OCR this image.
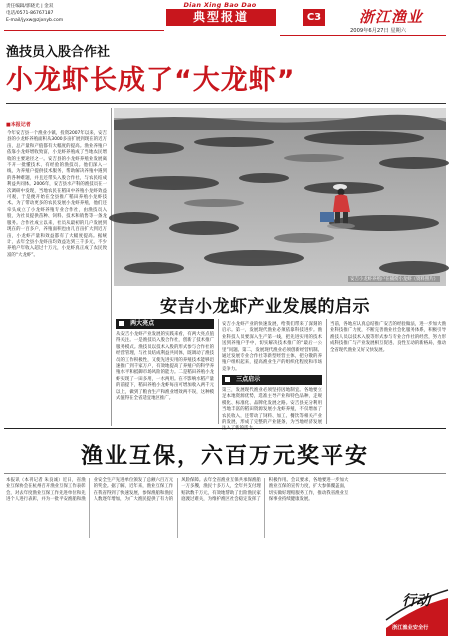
责任编辑/郭晓光 | 金双
电话/0571-86767187
E-mail/jyxw@zjxnyb.com
Dian Xing Bao Dao
典型报道	C3	浙江渔业
2009年6月27日 星期六
渔技员入股合作社
小龙虾长成了“大龙虾”
■本报记者
今年安吉县一个渔业小镇，投资2007年以来，安吉县的小龙虾养殖面积从3000多亩扩展到现在的近万亩，总产量和产值都有大幅度的提高。渔业养殖户依靠小龙虾增收致富，小龙虾养殖成了当地农民增收的主要途径之一。安吉县的小龙虾养殖业发展离不开一批懂技术、有经验的渔技员。他们深入一线，为养殖户提供技术服务，帮助解决养殖中遇到的各种难题，并且还带头入股合作社，与农民结成利益共同体。2006年，安吉县水产科的渔技员在一次调研中发现，当地农民在稻田中养殖小龙虾效益可观，于是便开始在全县推广稻田养殖小龙虾技术。为了带动更多的农民发展小龙虾养殖，他们还牵头成立了小龙虾养殖专业合作社，由渔技员入股，为社员提供苗种、饲料、技术和销售等一条龙服务。合作社成立以来，社员从最初的几户发展到现在的一百多户，养殖面积也由几百亩扩大到近万亩，小龙虾产量和效益都有了大幅度提高。据统计，去年全县小龙虾亩均效益达到三千多元，不少养殖户年收入超过十万元，小龙虾真正成了农民致富的“大龙虾”。
安吉小龙虾养殖户在捕捞小龙虾（资料照片）
安吉小龙虾产业发展的启示
两大亮点
从安吉小龙虾产业发展的实践来看，有两大亮点值得关注。一是渔技员入股合作社，创新了技术推广服务模式。渔技员以技术入股的形式参与合作社的经营管理，与社员结成利益共同体，既调动了渔技员的工作积极性，又使先进实用的养殖技术能够迅速推广到千家万户，有效地提高了养殖户的科学养殖水平和抵御市场风险的能力。二是稻田养殖小龙虾实现了一田多用，一水两用。在不影响水稻产量的前提下，稻田养殖小龙虾每亩可增加收入两千元以上，做到了粮食生产和渔业增效两不误，这种模式值得在全省适宜地区推广。
安吉小龙虾产业的快速发展，给我们带来了深刻的启示。第一，发展现代渔业必须依靠科技进步。渔业科技人员要深入生产第一线，把先进实用的技术送到养殖户手中，切实解决技术推广的“最后一公里”问题。第二，发展现代渔业必须创新经营机制。通过发展专业合作社等新型经营主体，把分散的养殖户组织起来，提高渔业生产的组织化程度和市场竞争力。
三点启示
第三，发展现代渔业必须坚持因地制宜。各地要立足本地资源优势，选准主导产业和特色品种，走规模化、标准化、品牌化发展之路。安吉县充分利用当地丰富的稻田资源发展小龙虾养殖，不仅增加了农民收入，还带动了饲料、加工、餐饮等相关产业的发展，形成了完整的产业链条，为当地经济发展注入了新的活力。
当前，各地应认真总结推广安吉的经验做法，进一步加大渔业科技推广力度，不断完善渔业社会化服务体系，积极引导渔技人员以技术入股等形式参与专业合作社的经营，努力形成科技推广与产业发展相互促进、良性互动的新格局，推动全省现代渔业又好又快发展。
渔业互保，六百万元奖平安
本报讯（本刊记者 朱良诚）近日，省渔业互保协会在杭州召开渔业互保工作表彰会，对去年度渔业互保工作先进单位和先进个人进行表彰，并为一批平安渔船和渔业安全生产先进单位颁发了总额六百万元的奖金。据了解，近年来，渔业互保工作在我省得到了快速发展，参保渔船和渔民人数逐年增加，为广大渔民提供了有力的风险保障。去年全省渔业互保共承保渔船一万多艘，渔民十多万人，全年共支付理赔款数千万元，有效地帮助了出险渔民家庭渡过难关，为维护渔区社会稳定发挥了积极作用。会议要求，各地要进一步加大渔业互保的宣传力度，扩大参保覆盖面，切实做好理赔服务工作，推动我省渔业互保事业持续健康发展。
行动
浙江渔业安全行
